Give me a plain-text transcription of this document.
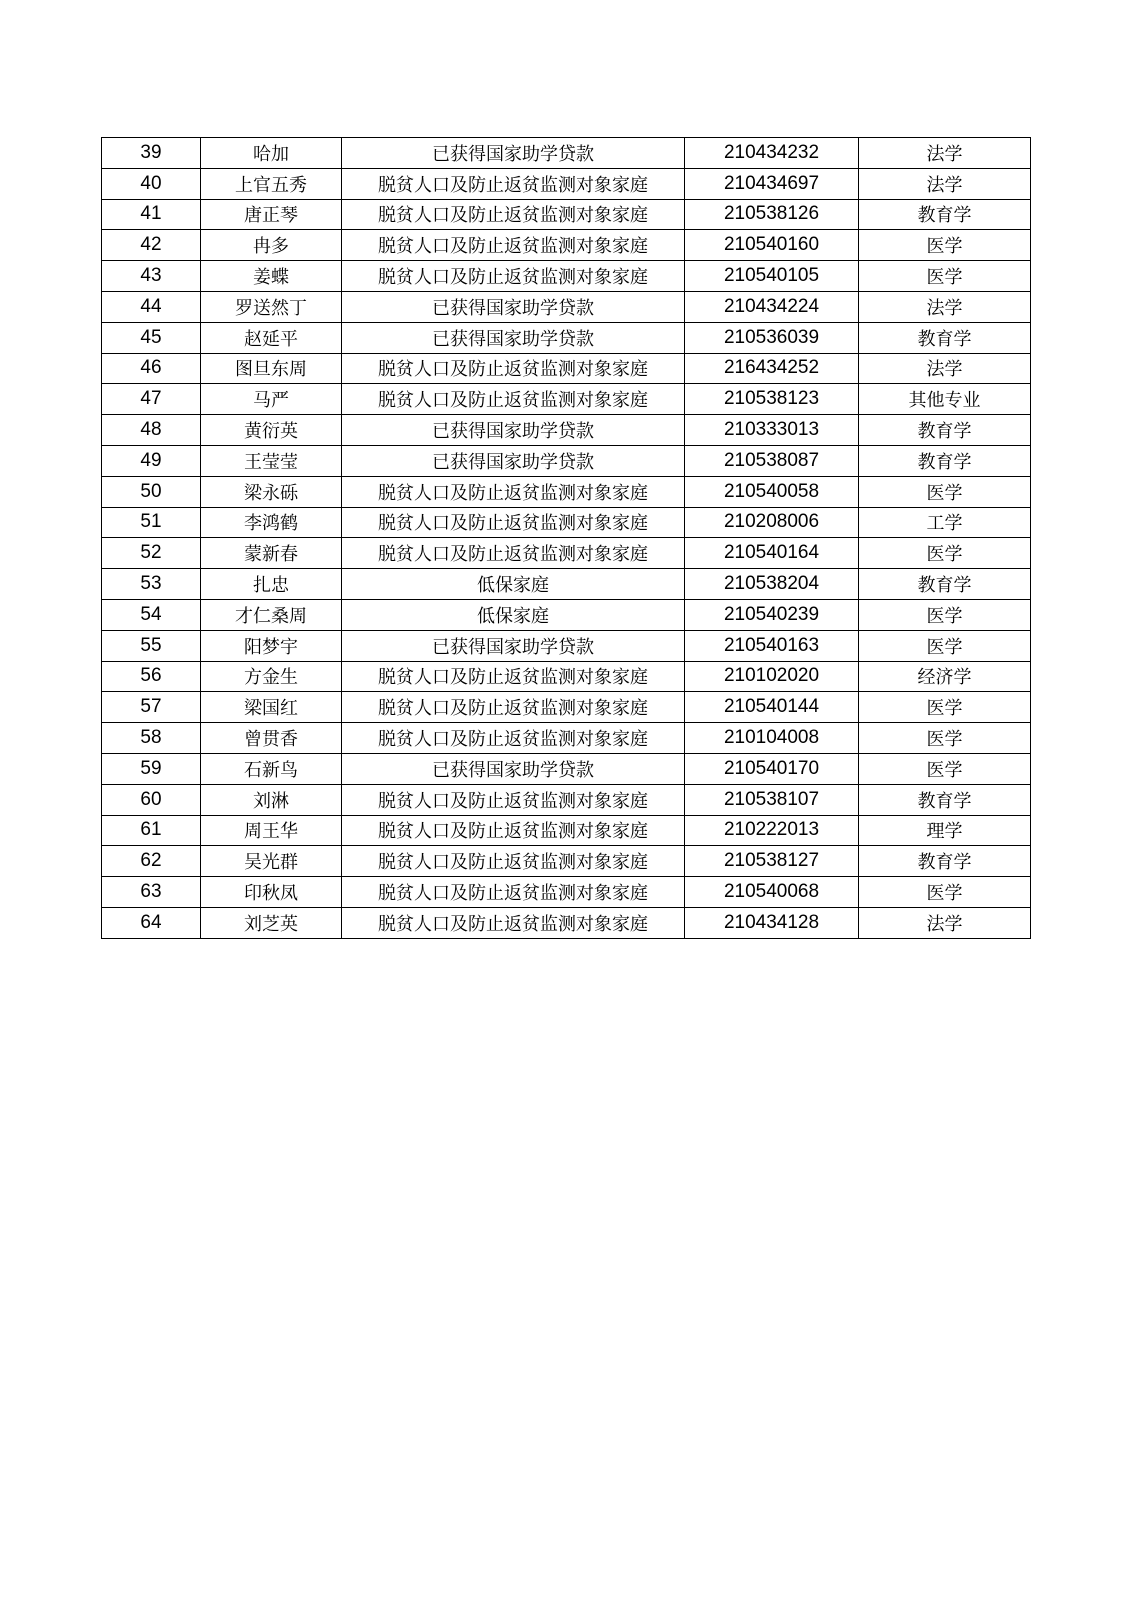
39	哈加	已获得国家助学贷款	210434232	法学
40	上官五秀	脱贫人口及防止返贫监测对象家庭	210434697	法学
41	唐正琴	脱贫人口及防止返贫监测对象家庭	210538126	教育学
42	冉多	脱贫人口及防止返贫监测对象家庭	210540160	医学
43	姜蝶	脱贫人口及防止返贫监测对象家庭	210540105	医学
44	罗送然丁	已获得国家助学贷款	210434224	法学
45	赵延平	已获得国家助学贷款	210536039	教育学
46	图旦东周	脱贫人口及防止返贫监测对象家庭	216434252	法学
47	马严	脱贫人口及防止返贫监测对象家庭	210538123	其他专业
48	黄衍英	已获得国家助学贷款	210333013	教育学
49	王莹莹	已获得国家助学贷款	210538087	教育学
50	梁永砾	脱贫人口及防止返贫监测对象家庭	210540058	医学
51	李鸿鹤	脱贫人口及防止返贫监测对象家庭	210208006	工学
52	蒙新春	脱贫人口及防止返贫监测对象家庭	210540164	医学
53	扎忠	低保家庭	210538204	教育学
54	才仁桑周	低保家庭	210540239	医学
55	阳梦宇	已获得国家助学贷款	210540163	医学
56	方金生	脱贫人口及防止返贫监测对象家庭	210102020	经济学
57	梁国红	脱贫人口及防止返贫监测对象家庭	210540144	医学
58	曾贯香	脱贫人口及防止返贫监测对象家庭	210104008	医学
59	石新鸟	已获得国家助学贷款	210540170	医学
60	刘淋	脱贫人口及防止返贫监测对象家庭	210538107	教育学
61	周王华	脱贫人口及防止返贫监测对象家庭	210222013	理学
62	吴光群	脱贫人口及防止返贫监测对象家庭	210538127	教育学
63	印秋凤	脱贫人口及防止返贫监测对象家庭	210540068	医学
64	刘芝英	脱贫人口及防止返贫监测对象家庭	210434128	法学
